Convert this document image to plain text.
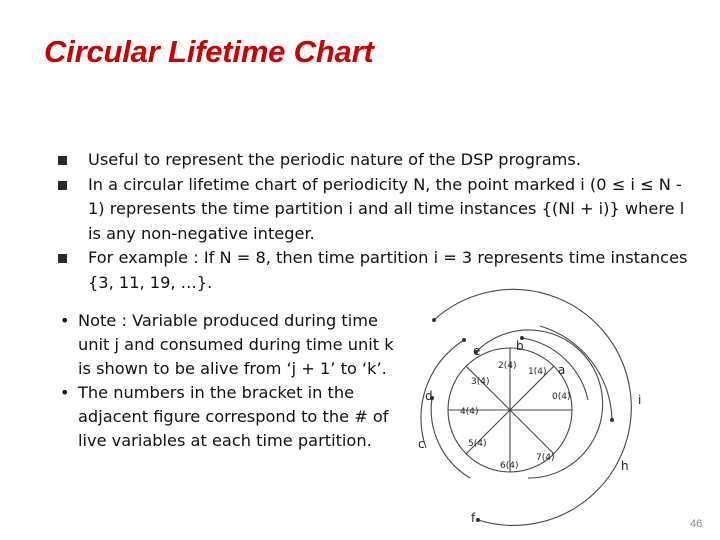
Circular Lifetime Chart
Useful to represent the periodic nature of the DSP programs.
In a circular lifetime chart of periodicity N, the point marked i (0 ≤ i ≤ N - 1) represents the time partition i and all time instances {(Nl + i)} where l is any non-negative integer.
For example : If N = 8, then time partition i = 3 represents time instances {3, 11, 19, …}.
• Note : Variable produced during time unit j and consumed during time unit k is shown to be alive from ‘j + 1’ to ‘k’.
• The numbers in the bracket in the adjacent figure correspond to the # of live variables at each time partition.
0(4)
1(4)
2(4)
3(4)
4(4)
5(4)
6(4)
7(4)
a
b
c
d
e
f
h
i
46
